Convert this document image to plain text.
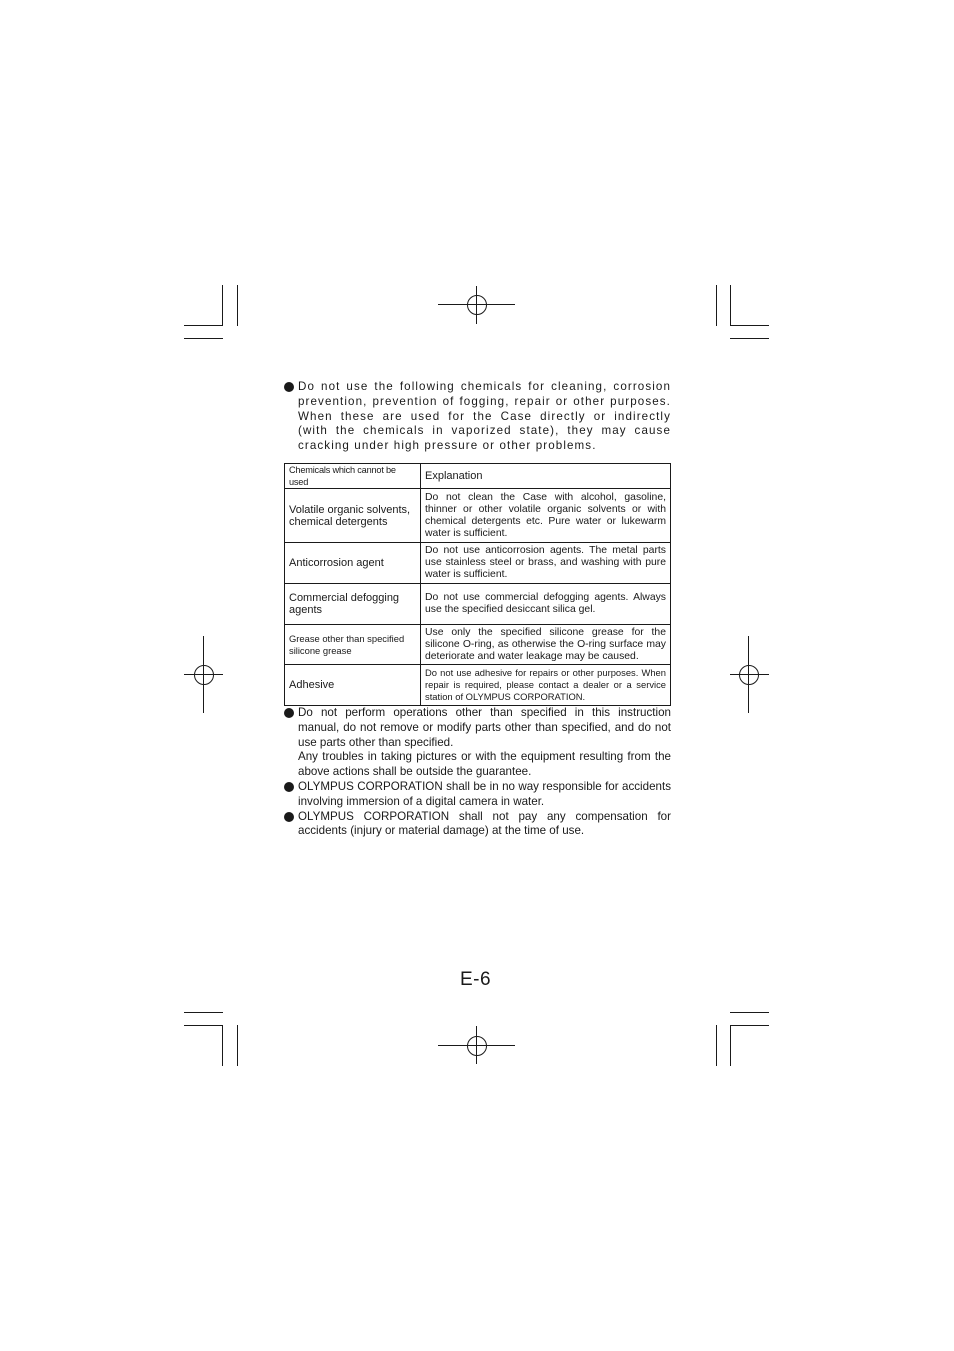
Do not use the following chemicals for cleaning, corrosion prevention, prevention of fogging, repair or other purposes. When these are used for the Case directly or indirectly (with the chemicals in vaporized state), they may cause cracking under high pressure or other problems.

Chemicals which cannot be used	Explanation
Volatile organic solvents, chemical detergents	Do not clean the Case with alcohol, gasoline, thinner or other volatile organic solvents or with chemical detergents etc. Pure water or lukewarm water is sufficient.
Anticorrosion agent	Do not use anticorrosion agents. The metal parts use stainless steel or brass, and washing with pure water is sufficient.
Commercial defogging agents	Do not use commercial defogging agents. Always use the specified desiccant silica gel.
Grease other than specified silicone grease	Use only the specified silicone grease for the silicone O-ring, as otherwise the O-ring surface may deteriorate and water leakage may be caused.
Adhesive	Do not use adhesive for repairs or other purposes. When repair is required, please contact a dealer or a service station of OLYMPUS CORPORATION.

Do not perform operations other than specified in this instruction manual, do not remove or modify parts other than specified, and do not use parts other than specified.

Any troubles in taking pictures or with the equipment resulting from the above actions shall be outside the guarantee.

OLYMPUS CORPORATION shall be in no way responsible for accidents involving immersion of a digital camera in water.

OLYMPUS CORPORATION shall not pay any compensation for accidents (injury or material damage) at the time of use.

E-6
